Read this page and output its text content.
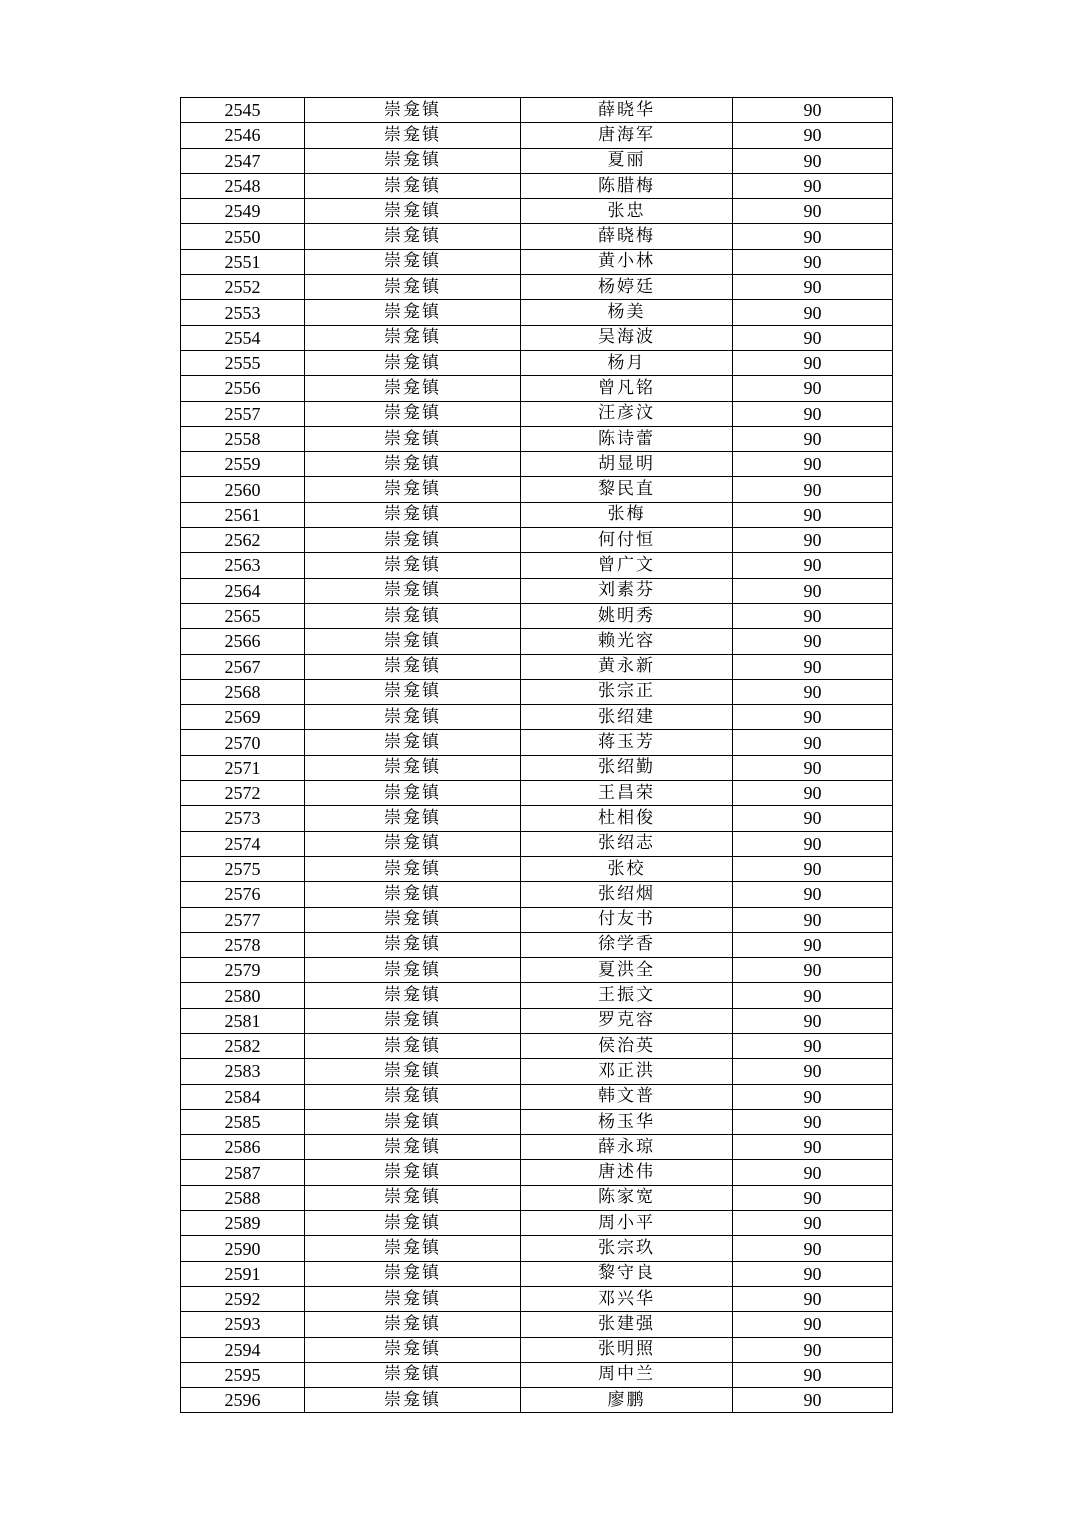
2545	崇龛镇	薛晓华	90
2546	崇龛镇	唐海军	90
2547	崇龛镇	夏丽	90
2548	崇龛镇	陈腊梅	90
2549	崇龛镇	张忠	90
2550	崇龛镇	薛晓梅	90
2551	崇龛镇	黄小林	90
2552	崇龛镇	杨婷廷	90
2553	崇龛镇	杨美	90
2554	崇龛镇	吴海波	90
2555	崇龛镇	杨月	90
2556	崇龛镇	曾凡铭	90
2557	崇龛镇	汪彦汶	90
2558	崇龛镇	陈诗蕾	90
2559	崇龛镇	胡显明	90
2560	崇龛镇	黎民直	90
2561	崇龛镇	张梅	90
2562	崇龛镇	何付恒	90
2563	崇龛镇	曾广文	90
2564	崇龛镇	刘素芬	90
2565	崇龛镇	姚明秀	90
2566	崇龛镇	赖光容	90
2567	崇龛镇	黄永新	90
2568	崇龛镇	张宗正	90
2569	崇龛镇	张绍建	90
2570	崇龛镇	蒋玉芳	90
2571	崇龛镇	张绍勤	90
2572	崇龛镇	王昌荣	90
2573	崇龛镇	杜相俊	90
2574	崇龛镇	张绍志	90
2575	崇龛镇	张校	90
2576	崇龛镇	张绍烟	90
2577	崇龛镇	付友书	90
2578	崇龛镇	徐学香	90
2579	崇龛镇	夏洪全	90
2580	崇龛镇	王振文	90
2581	崇龛镇	罗克容	90
2582	崇龛镇	侯治英	90
2583	崇龛镇	邓正洪	90
2584	崇龛镇	韩文普	90
2585	崇龛镇	杨玉华	90
2586	崇龛镇	薛永琼	90
2587	崇龛镇	唐述伟	90
2588	崇龛镇	陈家宽	90
2589	崇龛镇	周小平	90
2590	崇龛镇	张宗玖	90
2591	崇龛镇	黎守良	90
2592	崇龛镇	邓兴华	90
2593	崇龛镇	张建强	90
2594	崇龛镇	张明照	90
2595	崇龛镇	周中兰	90
2596	崇龛镇	廖鹏	90
